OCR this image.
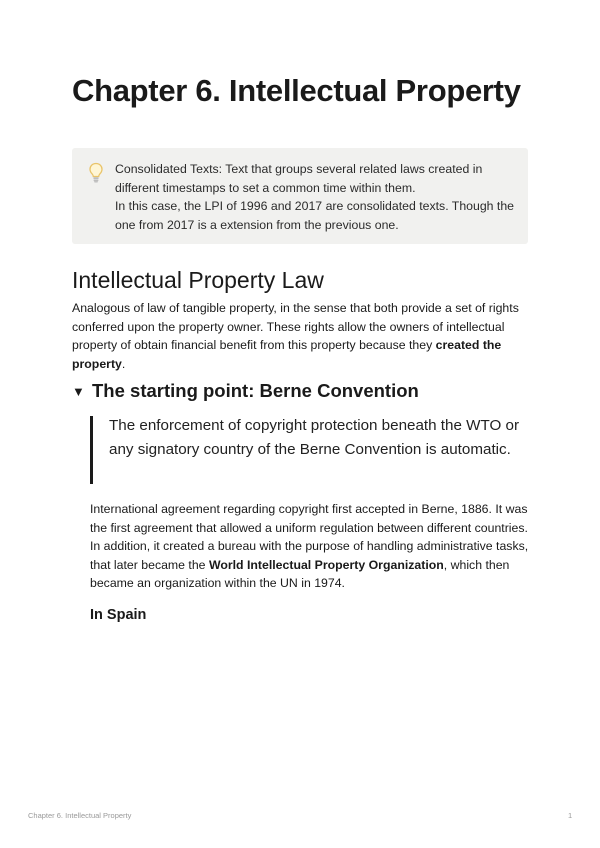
Chapter 6. Intellectual Property

Consolidated Texts: Text that groups several related laws created in different timestamps to set a common time within them.

In this case, the LPI of 1996 and 2017 are consolidated texts. Though the one from 2017 is a extension from the previous one.

Intellectual Property Law

Analogous of law of tangible property, in the sense that both provide a set of rights conferred upon the property owner. These rights allow the owners of intellectual property of obtain financial benefit from this property because they created the property.

▼ The starting point: Berne Convention

The enforcement of copyright protection beneath the WTO or any signatory country of the Berne Convention is automatic.

International agreement regarding copyright first accepted in Berne, 1886. It was the first agreement that allowed a uniform regulation between different countries. In addition, it created a bureau with the purpose of handling administrative tasks, that later became the World Intellectual Property Organization, which then became an organization within the UN in 1974.

In Spain
Chapter 6. Intellectual Property	1
